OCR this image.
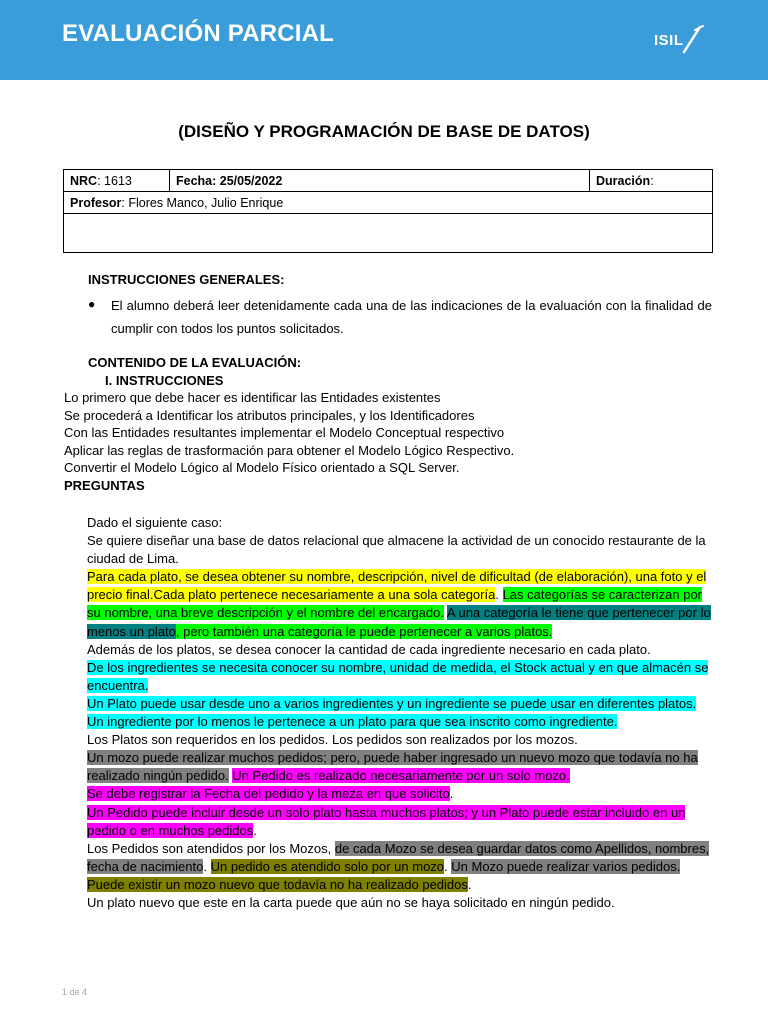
EVALUACIÓN PARCIAL	ISIL
(DISEÑO Y PROGRAMACIÓN DE BASE DE DATOS)
NRC: 1613	Fecha: 25/05/2022	Duración:
Profesor: Flores Manco, Julio Enrique

INSTRUCCIONES GENERALES:
● El alumno deberá leer detenidamente cada una de las indicaciones de la evaluación con la finalidad de cumplir con todos los puntos solicitados.
CONTENIDO DE LA EVALUACIÓN:
I. INSTRUCCIONES
Lo primero que debe hacer es identificar las Entidades existentes
Se procederá a Identificar los atributos principales, y los Identificadores
Con las Entidades resultantes implementar el Modelo Conceptual respectivo
Aplicar las reglas de trasformación para obtener el Modelo Lógico Respectivo.
Convertir el Modelo Lógico al Modelo Físico orientado a SQL Server.
PREGUNTAS
Dado el siguiente caso:
Se quiere diseñar una base de datos relacional que almacene la actividad de un conocido restaurante de la ciudad de Lima.
Para cada plato, se desea obtener su nombre, descripción, nivel de dificultad (de elaboración), una foto y el precio final.Cada plato pertenece necesariamente a una sola categoría. Las categorías se caracterizan por su nombre, una breve descripción y el nombre del encargado. A una categoría le tiene que pertenecer por lo menos un plato, pero también una categoría le puede pertenecer a varios platos.
Además de los platos, se desea conocer la cantidad de cada ingrediente necesario en cada plato.
De los ingredientes se necesita conocer su nombre, unidad de medida, el Stock actual y en que almacén se encuentra.
Un Plato puede usar desde uno a varios ingredientes y un ingrediente se puede usar en diferentes platos. Un ingrediente por lo menos le pertenece a un plato para que sea inscrito como ingrediente.
Los Platos son requeridos en los pedidos. Los pedidos son realizados por los mozos.
Un mozo puede realizar muchos pedidos; pero, puede haber ingresado un nuevo mozo que todavía no ha realizado ningún pedido. Un Pedido es realizado necesariamente por un solo mozo.
Se debe registrar la Fecha del pedido y la meza en que solicito.
Un Pedido puede incluir desde un solo plato hasta muchos platos; y un Plato puede estar incluido en un pedido o en muchos pedidos.
Los Pedidos son atendidos por los Mozos, de cada Mozo se desea guardar datos como Apellidos, nombres, fecha de nacimiento. Un pedido es atendido solo por un mozo. Un Mozo puede realizar varios pedidos. Puede existir un mozo nuevo que todavía no ha realizado pedidos.
Un plato nuevo que este en la carta puede que aún no se haya solicitado en ningún pedido.
1 de 4
